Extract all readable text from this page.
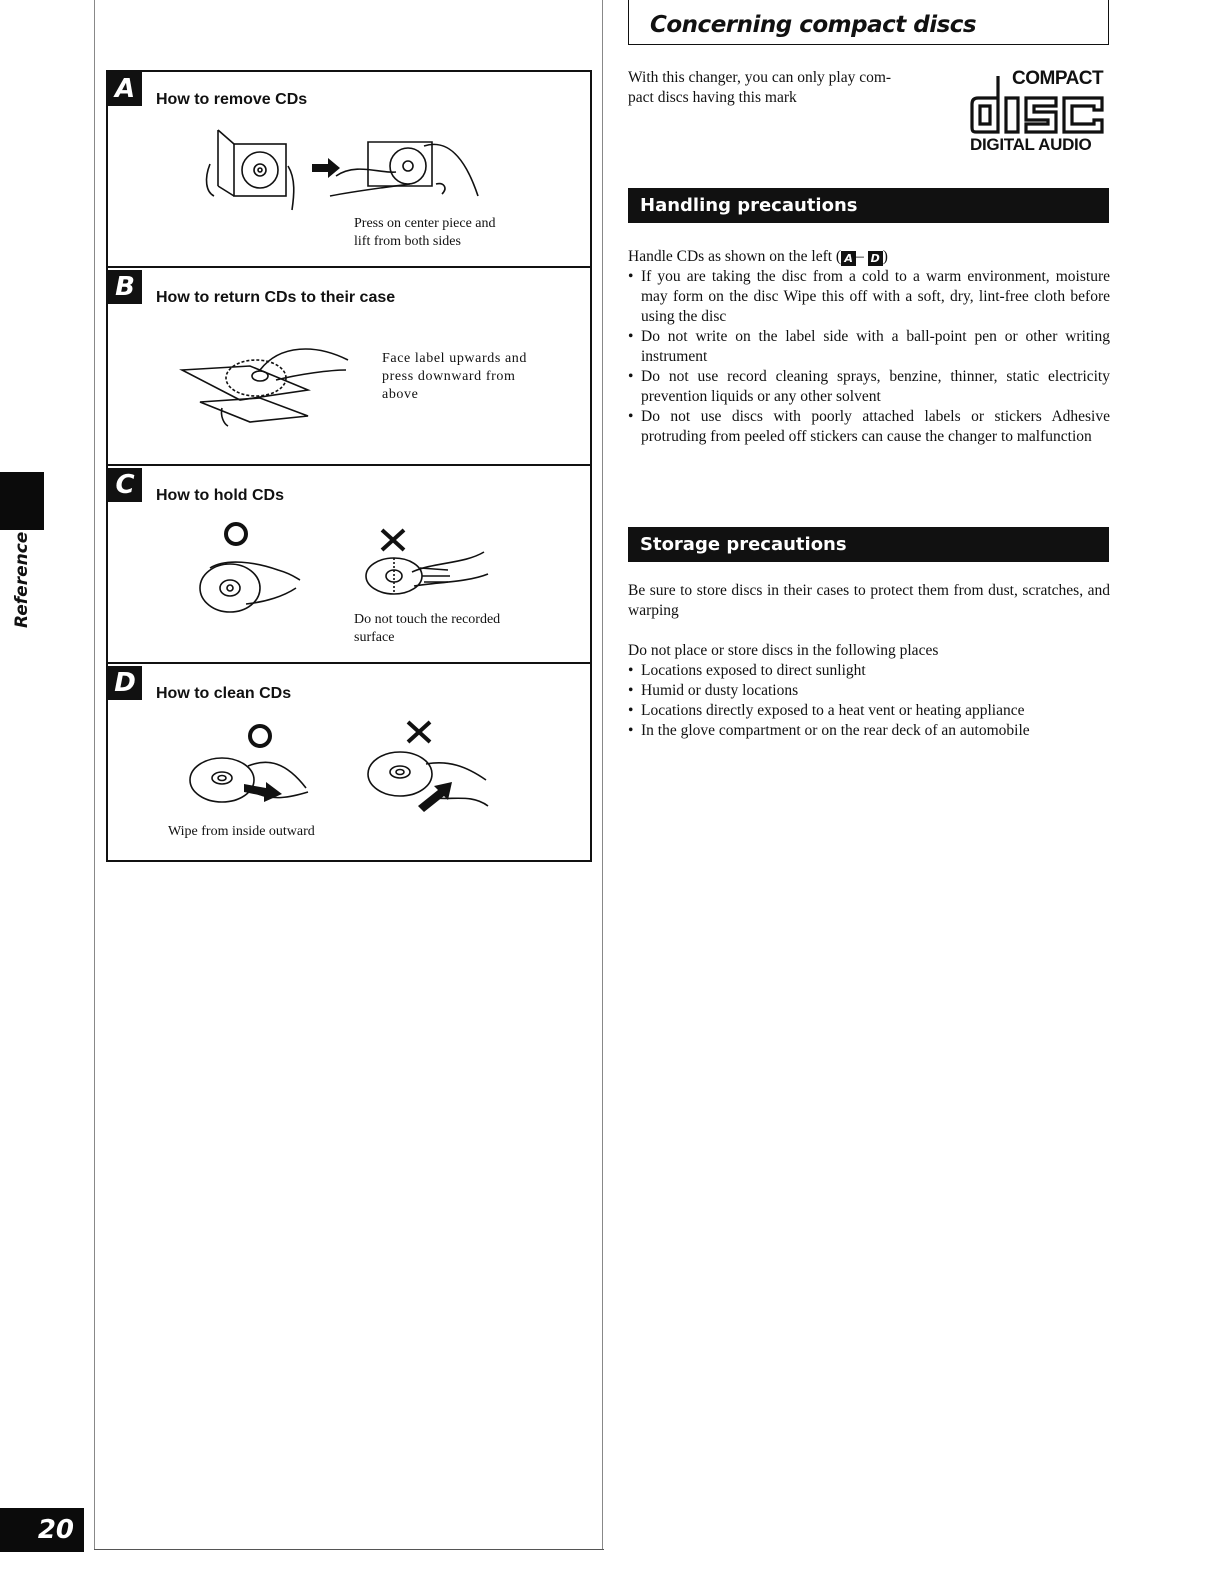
Reference
20
A	How to remove CDs
Press on center piece and
lift from both sides
B	How to return CDs to their case
Face label upwards and
press downward from
above
C	How to hold CDs
Do not touch the recorded
surface
D	How to clean CDs
Wipe from inside outward
Concerning compact discs
With this changer, you can only play com-
pact discs having this mark
COMPACT
DIGITAL AUDIO
Handling precautions
Handle CDs as shown on the left ( A – D )
• If you are taking the disc from a cold to a warm environment, moisture may form on the disc Wipe this off with a soft, dry, lint-free cloth before using the disc
• Do not write on the label side with a ball-point pen or other writing instrument
• Do not use record cleaning sprays, benzine, thinner, static electricity prevention liquids or any other solvent
• Do not use discs with poorly attached labels or stickers Adhesive protruding from peeled off stickers can cause the changer to malfunction
Storage precautions
Be sure to store discs in their cases to protect them from dust, scratches, and warping
Do not place or store discs in the following places
• Locations exposed to direct sunlight
• Humid or dusty locations
• Locations directly exposed to a heat vent or heating appliance
• In the glove compartment or on the rear deck of an automobile
